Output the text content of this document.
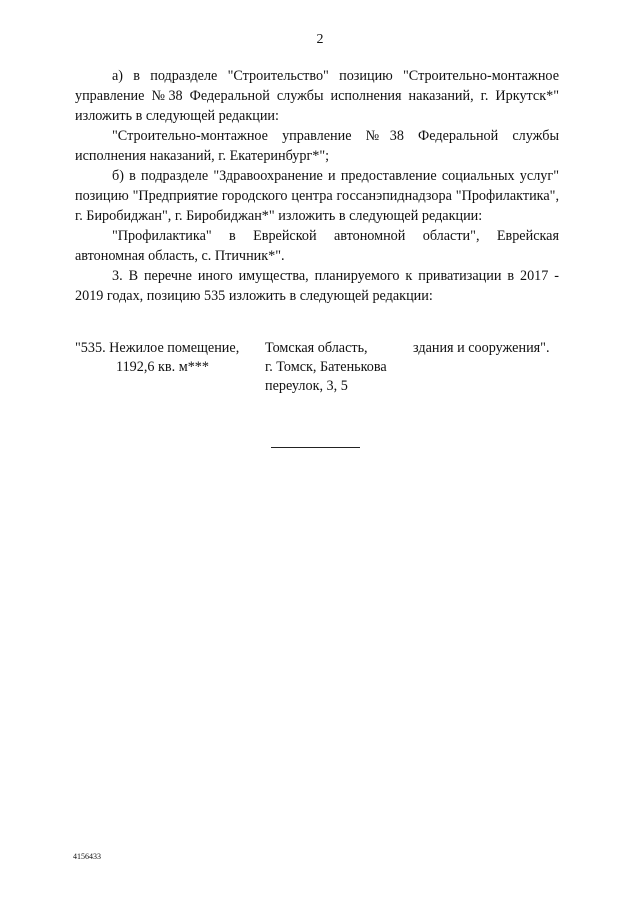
2

а) в подразделе "Строительство" позицию "Строительно-монтажное управление №38 Федеральной службы исполнения наказаний, г. Иркутск*" изложить в следующей редакции:

"Строительно-монтажное управление №38 Федеральной службы исполнения наказаний, г. Екатеринбург*";

б) в подразделе "Здравоохранение и предоставление социальных услуг" позицию "Предприятие городского центра госсанэпиднадзора "Профилактика", г. Биробиджан", г. Биробиджан*" изложить в следующей редакции:

"Профилактика" в Еврейской автономной области", Еврейская автономная область, с. Птичник*".

3. В перечне иного имущества, планируемого к приватизации в 2017 - 2019 годах, позицию 535 изложить в следующей редакции:

"535. Нежилое помещение,
1192,6 кв. м***
Томская область,
г. Томск, Батенькова
переулок, 3, 5
здания и сооружения".
4156433
